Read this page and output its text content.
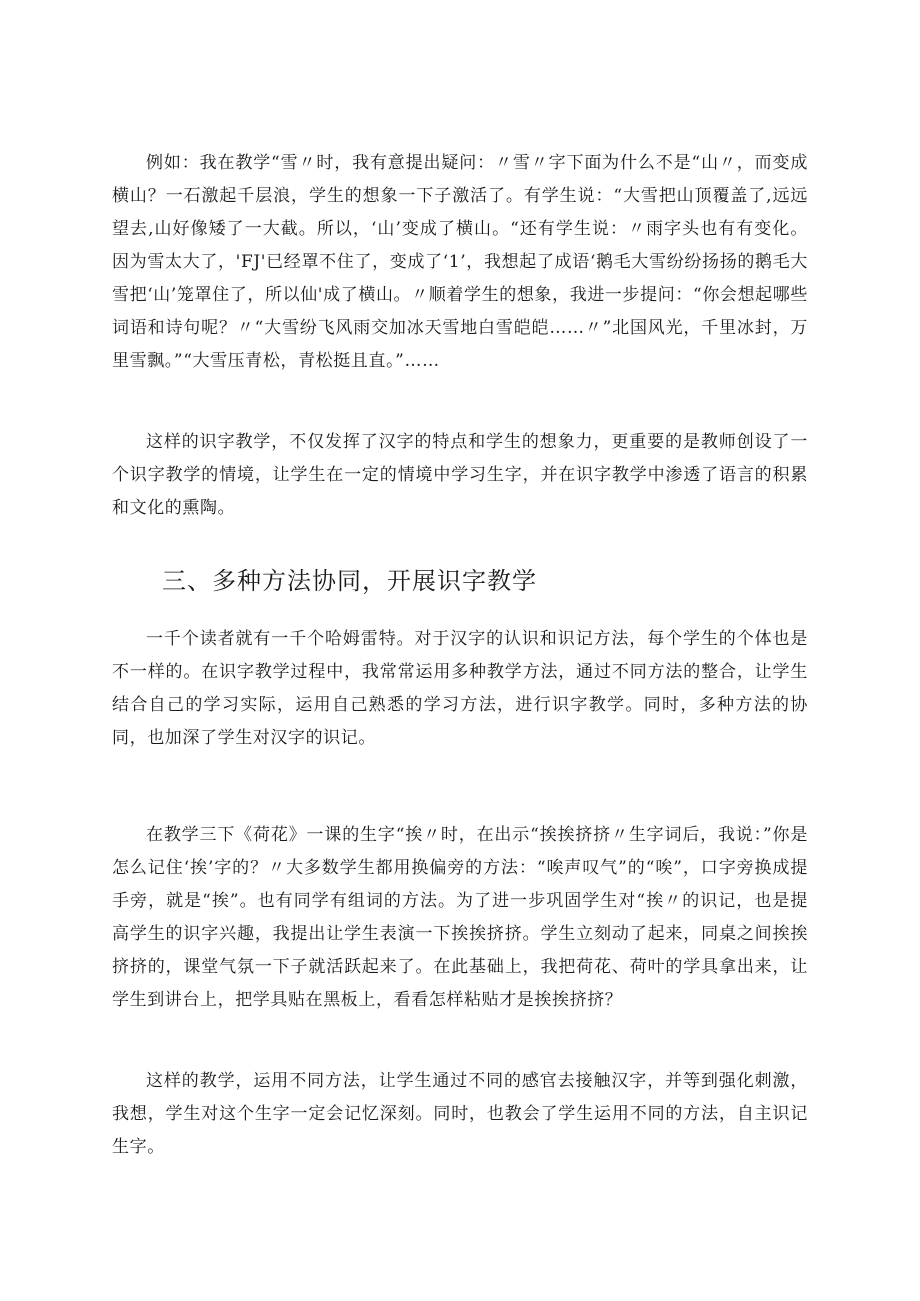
例如：我在教学“雪〃时，我有意提出疑问：〃雪〃字下面为什么不是“山〃，而变成横山？一石激起千层浪，学生的想象一下子激活了。有学生说：“大雪把山顶覆盖了,远远望去,山好像矮了一大截。所以，‘山’变成了横山。“还有学生说：〃雨字头也有有变化。因为雪太大了，'FJ'已经罩不住了，变成了‘1’，我想起了成语‘鹅毛大雪纷纷扬扬的鹅毛大雪把‘山’笼罩住了，所以仙'成了横山。〃顺着学生的想象，我进一步提问：“你会想起哪些词语和诗句呢？〃“大雪纷飞风雨交加冰天雪地白雪皑皑……〃”北国风光，千里冰封，万里雪飘。”“大雪压青松，青松挺且直。”……

这样的识字教学，不仅发挥了汉字的特点和学生的想象力，更重要的是教师创设了一个识字教学的情境，让学生在一定的情境中学习生字，并在识字教学中渗透了语言的积累和文化的熏陶。

三、多种方法协同，开展识字教学

一千个读者就有一千个哈姆雷特。对于汉字的认识和识记方法，每个学生的个体也是不一样的。在识字教学过程中，我常常运用多种教学方法，通过不同方法的整合，让学生结合自己的学习实际，运用自己熟悉的学习方法，进行识字教学。同时，多种方法的协同，也加深了学生对汉字的识记。

在教学三下《荷花》一课的生字“挨〃时，在出示“挨挨挤挤〃生字词后，我说：”你是怎么记住‘挨’字的？〃大多数学生都用换偏旁的方法：“唉声叹气”的“唉”，口字旁换成提手旁，就是“挨”。也有同学有组词的方法。为了进一步巩固学生对“挨〃的识记，也是提高学生的识字兴趣，我提出让学生表演一下挨挨挤挤。学生立刻动了起来，同桌之间挨挨挤挤的，课堂气氛一下子就活跃起来了。在此基础上，我把荷花、荷叶的学具拿出来，让学生到讲台上，把学具贴在黑板上，看看怎样粘贴才是挨挨挤挤？

这样的教学，运用不同方法，让学生通过不同的感官去接触汉字，并等到强化刺激，我想，学生对这个生字一定会记忆深刻。同时，也教会了学生运用不同的方法，自主识记生字。
